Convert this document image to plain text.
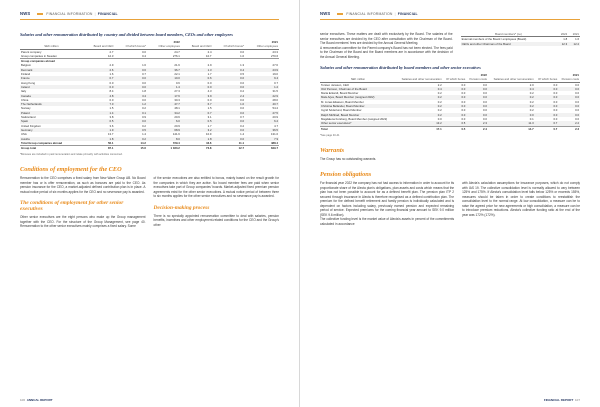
NWS	FINANCIAL INFORMATION | FINANCIAL
Salaries and other remuneration distributed by country and divided between board members, CEOs and other employees
	2022			2021		
SEK million	Board and CEO	Of which bonus*	Other employees	Board and CEO	Of which bonus*	Other employees
Parent company	2.7	0.0	24.7	2.4	0.0	23.3
Group companies in Sweden	12.3	0.4	276.1	10.7	1.0	270.6
Group companies abroad						
Belgium	2.9	1.6	21.6	2.9	1.3	27.6
Denmark	2.6	0.6	36.7	1.3	0.4	23.9
Finland	1.6	0.7	22.1	1.7	0.5	19.0
France	0.7	0.0	10.0	0.6	0.0	9.4
Hong Kong	0.0	0.0	0.6	0.0	0.0	0.7
Ireland	0.0	0.0	1.4	0.0	0.0	1.2
Italy	8.4	1.8	27.3	4.3	0.2	31.5
Canada	4.8	3.4	17.6	3.9	2.4	22.9
China	0.0	0.0	30.3	0.0	0.0	28.0
The Netherlands	7.0	1.2	47.7	6.7	1.0	40.7
Norway	1.5	0.2	48.1	1.5	0.0	54.4
Poland	1.4	0.1	34.2	0.7	0.0	27.5
Switzerland	3.8	0.9	20.6	3.1	0.7	20.9
Spain	0.5	0.0	6.0	0.5	0.0	6.2
United Kingdom	3.6	0.2	20.9	1.7	0.2	4.7
Germany	1.9	0.5	68.9	3.2	0.0	36.5
USA	13.7	1.4	141.6	10.9	1.4	131.0
Austria	1.8	0.2	8.0	1.8	0.0	7.9
Total Group companies abroad	56.1	14.2	729.4	43.6	11.1	488.4
Group total	87.1	15.6	1 030.2	73.8	12.7	849.7
*Bonuses are included in paid remuneration and relate primarily with activities concerned.
Conditions of employment for the CEO

Remuneration to the CEO comprises a fixed salary from New Wave Group AB. No Board member has or is offer remuneration, as such as bonuses are paid to the CEO. As pension insurance for the CEO, a market-adjusted defined contribution plan is in place. A mutual notice period of six months applies for the CEO and no severance pay is awarded.

The conditions of employment for other senior executives

Other senior executives are the eight persons who make up the Group management together with the CEO. For the structure of the Group Management, see page 40. Remuneration to the other senior executives mainly comprises a fixed salary. Some

of the senior executives are also entitled to bonus, mainly based on the result growth for the companies in which they are active. No board member fees are paid when senior executives take part of Group companies' boards. Market-adjusted fixed premium pension agreements exist for the other senior executives. A mutual notice period of between three to six months applies for the other senior executives and no severance pay is awarded.

Decision-making process

There is no specially appointed remuneration committee to deal with salaries, pension benefits, incentives and other employment-related conditions for the CEO and the Group's other

106 ANNUAL REPORT
NWS	FINANCIAL INFORMATION | FINANCIAL

senior executives. These matters are dealt with exclusively by the Board. The salaries of the senior executives are decided by the CEO after consultation with the Chairman of the Board. The Board members' fees are decided by the Annual General Meeting.
A remuneration committee for the Parent company's Board has not been elected. The fees paid to the Chairman of the Board and the Board members are in accordance with the decision of the Annual General Meeting.

Board members* (no)	2022	2021
External members of the Board / employees (Board)	1.8	1.6
CEOs and other Chairman of the Board	12.3	12.4
Salaries and other remuneration distributed by board members and other senior executives
	2022			2021		
SEK million	Salaries and other remuneration	Of which bonus	Pension costs	Salaries and other remuneration	Of which bonus	Pension costs
Torsten Jansson, CEO	2.2	0.0	0.0	2.0	0.0	0.0
Olof Persson, Chairman of the Board	0.4	0.0	0.0	0.4	0.0	0.0
Maria Eckardt, Board Member	0.2	0.0	0.0	0.2	0.0	0.0
Mats Arjes, Board Member (resigned 2022)	0.2	0.0	0.0	0.2	0.0	0.0
M. Jonas Eliasson, Board Member	0.2	0.0	0.0	0.2	0.0	0.0
Christina Bellander, Board Member	0.2	0.0	0.0	0.2	0.0	0.0
Ingrid Söderlund, Board Member	0.2	0.0	0.0	0.2	0.0	0.0
Ralph Mühlrad, Board Member	0.2	0.0	0.0	0.0	0.0	0.0
Magdalena Forsberg, Board Member (resigned 2022)	0.0	0.0	0.0	0.1	0.0	0.0
Other senior executives*	13.2	0.5	2.3	11.3	0.7	2.2
Total	17.1	0.5	2.4	14.7	0.7	2.3
*See page 40-41
Warrants

The Group has no outstanding warrants.

Pension obligations

For financial year 2022 the company has not had access to information in order to account for its proportionate share of the Alecta plan's obligations, plan assets and costs which means that the plan has not been possible to account for as a defined benefit plan. The pension plan ITP 2 secured through insurance in Alecta is therefore recognised as a defined contribution plan. The premium for the defined benefit retirement and family pension is individually calculated and is dependent on factors including salary, previously earned pension and expected remaining period of service. Expected premiums for the coming financial year amount to SEK 9.0 million (SEK 9.6 million).
The collective funding level is the market value of Alecta's assets in percent of the commitments calculated in accordance

with Alecta's calculation assumptions for insurance purposes, which do not comply with IAS 19. The collective consolidation level is normally allowed to vary between 125% and 175%. If Alecta's consolidation level falls below 125% or exceeds 155%, measures should be taken in order to create conditions to reestablish the consolidation level to the normal range. At low consolidation, a measure can be to raise the agreed price for new agreements or high consolidation, a measure can be to introduce premium reductions. Alecta's collective funding ratio at the end of the year was 172% (172%).

FINANCIAL REPORT 107
